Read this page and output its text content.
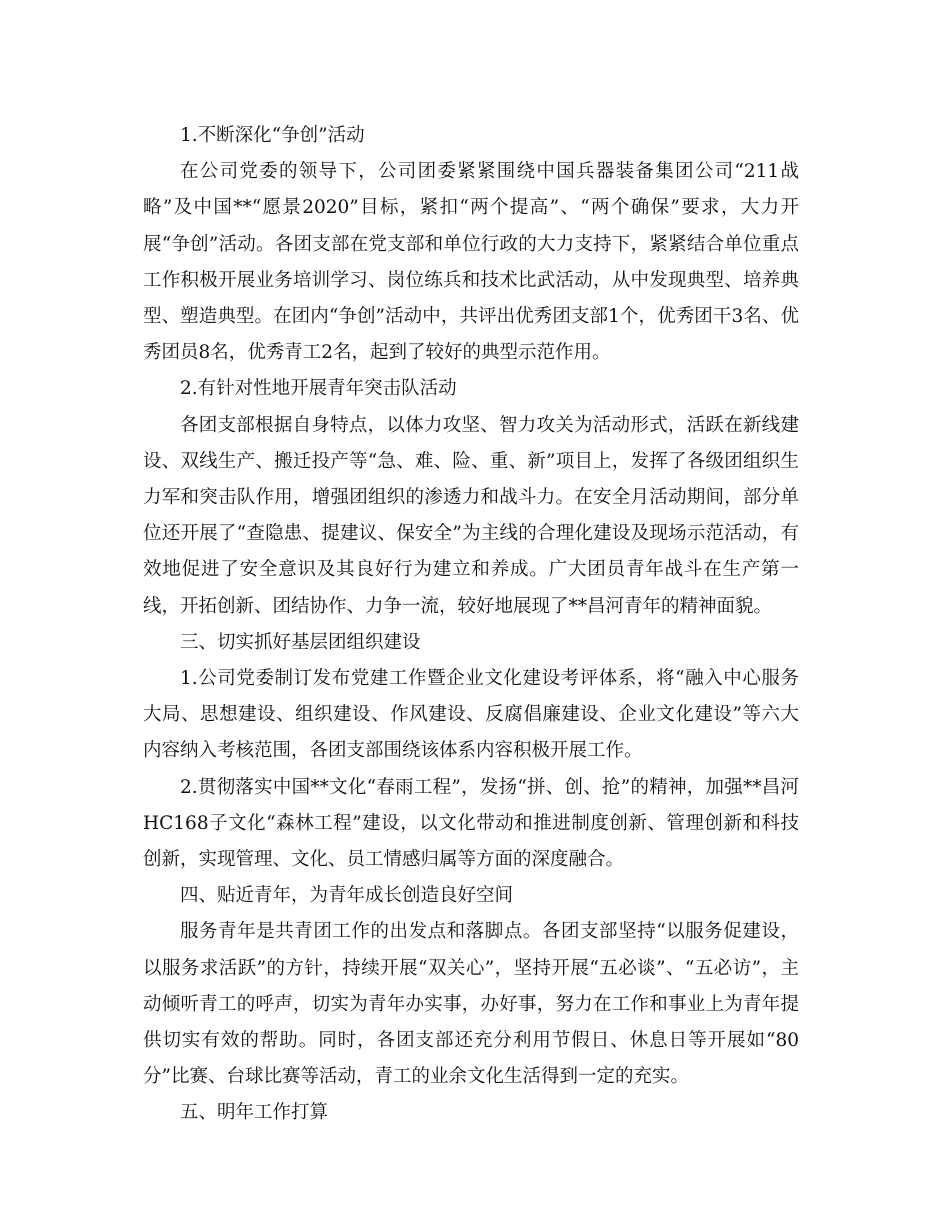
1.不断深化“争创”活动

在公司党委的领导下，公司团委紧紧围绕中国兵器装备集团公司“211战略”及中国**“愿景2020”目标，紧扣“两个提高”、“两个确保”要求，大力开展“争创”活动。各团支部在党支部和单位行政的大力支持下，紧紧结合单位重点工作积极开展业务培训学习、岗位练兵和技术比武活动，从中发现典型、培养典型、塑造典型。在团内“争创”活动中，共评出优秀团支部1个，优秀团干3名、优秀团员8名，优秀青工2名，起到了较好的典型示范作用。

2.有针对性地开展青年突击队活动

各团支部根据自身特点，以体力攻坚、智力攻关为活动形式，活跃在新线建设、双线生产、搬迁投产等“急、难、险、重、新”项目上，发挥了各级团组织生力军和突击队作用，增强团组织的渗透力和战斗力。在安全月活动期间，部分单位还开展了“查隐患、提建议、保安全”为主线的合理化建设及现场示范活动，有效地促进了安全意识及其良好行为建立和养成。广大团员青年战斗在生产第一线，开拓创新、团结协作、力争一流，较好地展现了**昌河青年的精神面貌。

三、切实抓好基层团组织建设

1.公司党委制订发布党建工作暨企业文化建设考评体系，将“融入中心服务大局、思想建设、组织建设、作风建设、反腐倡廉建设、企业文化建设”等六大内容纳入考核范围，各团支部围绕该体系内容积极开展工作。

2.贯彻落实中国**文化“春雨工程”，发扬“拼、创、抢”的精神，加强**昌河HC168子文化“森林工程”建设，以文化带动和推进制度创新、管理创新和科技创新，实现管理、文化、员工情感归属等方面的深度融合。

四、贴近青年，为青年成长创造良好空间

服务青年是共青团工作的出发点和落脚点。各团支部坚持“以服务促建设，以服务求活跃”的方针，持续开展“双关心”，坚持开展“五必谈”、“五必访”，主动倾听青工的呼声，切实为青年办实事，办好事，努力在工作和事业上为青年提供切实有效的帮助。同时，各团支部还充分利用节假日、休息日等开展如“80分”比赛、台球比赛等活动，青工的业余文化生活得到一定的充实。

五、明年工作打算
